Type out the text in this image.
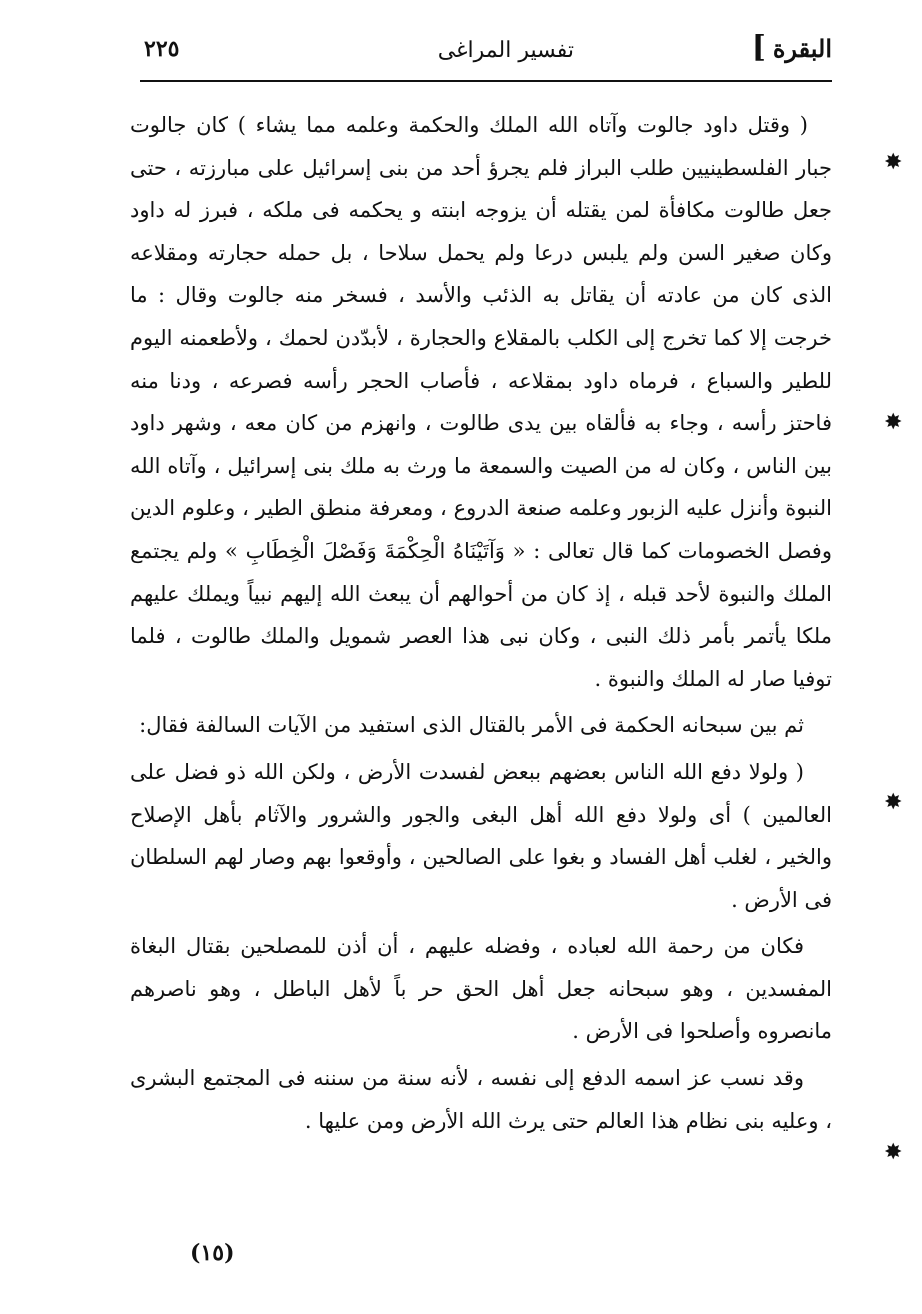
البقرة
]
تفسير المراغى
٢٢٥

( وقتل داود جالوت وآتاه الله الملك والحكمة وعلمه مما يشاء ) كان جالوت جبار الفلسطينيين طلب البراز فلم يجرؤ أحد من بنى إسرائيل على مبارزته ، حتى جعل طالوت مكافأة لمن يقتله أن يزوجه ابنته و يحكمه فى ملكه ، فبرز له داود وكان صغير السن ولم يلبس درعا ولم يحمل سلاحا ، بل حمله حجارته ومقلاعه الذى كان من عادته أن يقاتل به الذئب والأسد ، فسخر منه جالوت وقال : ما خرجت إلا كما تخرج إلى الكلب بالمقلاع والحجارة ، لأبدّدن لحمك ، ولأطعمنه اليوم للطير والسباع ، فرماه داود بمقلاعه ، فأصاب الحجر رأسه فصرعه ، ودنا منه فاحتز رأسه ، وجاء به فألقاه بين يدى طالوت ، وانهزم من كان معه ، وشهر داود بين الناس ، وكان له من الصيت والسمعة ما ورث به ملك بنى إسرائيل ، وآتاه الله النبوة وأنزل عليه الزبور وعلمه صنعة الدروع ، ومعرفة منطق الطير ، وعلوم الدين وفصل الخصومات كما قال تعالى : « وَآتَيْنَاهُ الْحِكْمَةَ وَفَصْلَ الْخِطَابِ » ولم يجتمع الملك والنبوة لأحد قبله ، إذ كان من أحوالهم أن يبعث الله إليهم نبياً ويملك عليهم ملكا يأتمر بأمر ذلك النبى ، وكان نبى هذا العصر شمويل والملك طالوت ، فلما توفيا صار له الملك والنبوة .

ثم بين سبحانه الحكمة فى الأمر بالقتال الذى استفيد من الآيات السالفة فقال:

( ولولا دفع الله الناس بعضهم ببعض لفسدت الأرض ، ولكن الله ذو فضل على العالمين ) أى ولولا دفع الله أهل البغى والجور والشرور والآثام بأهل الإصلاح والخير ، لغلب أهل الفساد و بغوا على الصالحين ، وأوقعوا بهم وصار لهم السلطان فى الأرض .

فكان من رحمة الله لعباده ، وفضله عليهم ، أن أذن للمصلحين بقتال البغاة المفسدين ، وهو سبحانه جعل أهل الحق حر باً لأهل الباطل ، وهو ناصرهم مانصروه وأصلحوا فى الأرض .

وقد نسب عز اسمه الدفع إلى نفسه ، لأنه سنة من سننه فى المجتمع البشرى ، وعليه بنى نظام هذا العالم حتى يرث الله الأرض ومن عليها .

✸
✸
✸
✸
(١٥)
